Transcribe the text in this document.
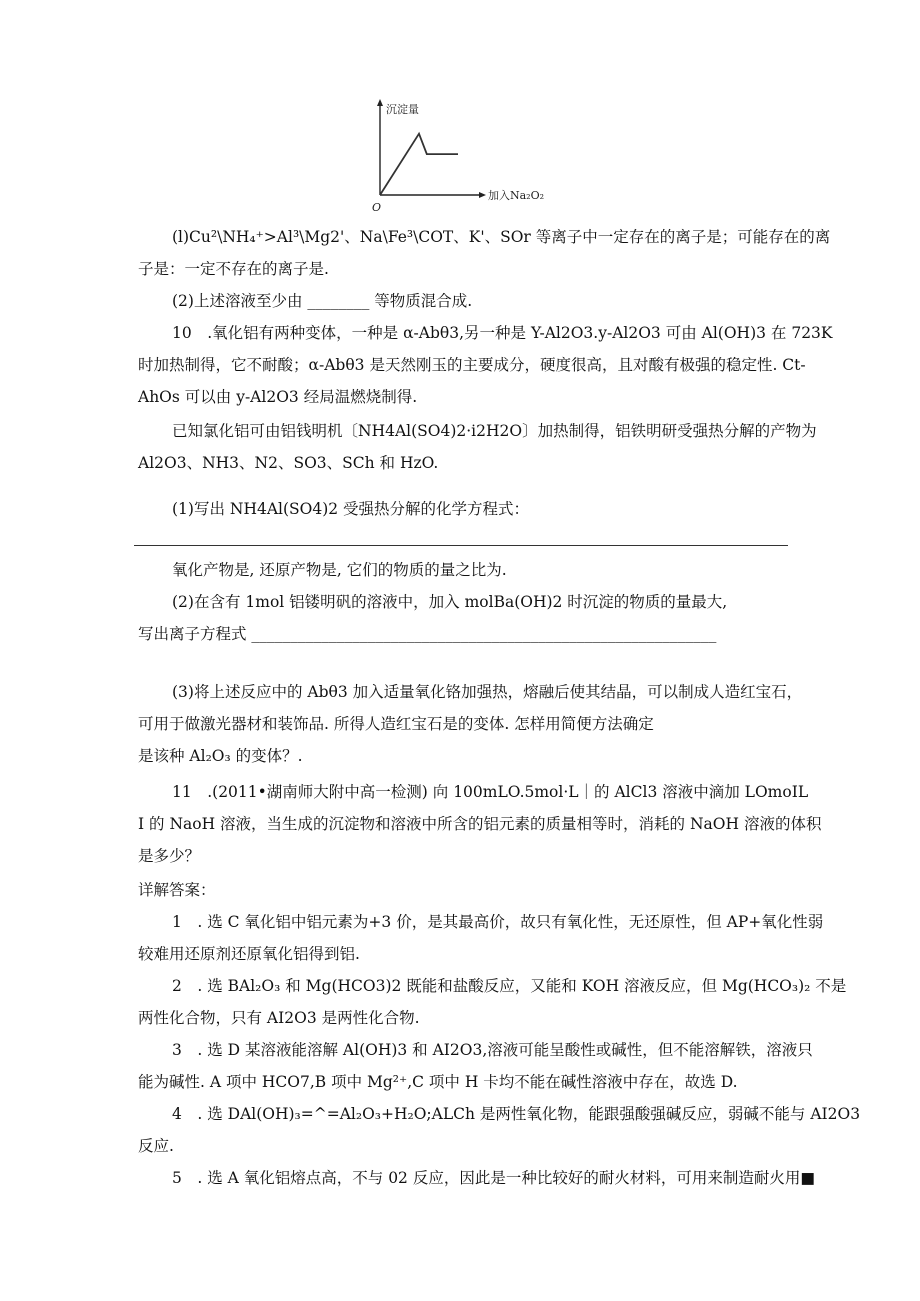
沉淀量
加入Na₂O₂
O
(l)Cu²\NH₄⁺>Al³\Mg2'、Na\Fe³\COT、K'、SOr 等离子中一定存在的离子是；可能存在的离
子是：一定不存在的离子是.
(2)上述溶液至少由 ________ 等物质混合成.
10　.氧化铝有两种变体，一种是 α-Abθ3,另一种是 Y-Al2O3.y-Al2O3 可由 Al(OH)3 在 723K
时加热制得，它不耐酸；α-Abθ3 是天然刚玉的主要成分，硬度很高，且对酸有极强的稳定性. Ct-
AhOs 可以由 y-Al2O3 经局温燃烧制得.
已知氯化铝可由铝钱明机〔NH4Al(SO4)2·i2H2O〕加热制得，铝铁明研受强热分解的产物为
Al2O3、NH3、N2、SO3、SCh 和 HzO.
(1)写出 NH4Al(SO4)2 受强热分解的化学方程式：
氧化产物是, 还原产物是, 它们的物质的量之比为.
(2)在含有 1mol 铝镂明矾的溶液中，加入 molBa(OH)2 时沉淀的物质的量最大,
写出离子方程式 ____________________________________________________________
(3)将上述反应中的 Abθ3 加入适量氧化铬加强热，熔融后使其结晶，可以制成人造红宝石，
可用于做激光器材和装饰品. 所得人造红宝石是的变体. 怎样用简便方法确定
是该种 Al₂O₃ 的变体？.
11　.(2011•湖南师大附中高一检测) 向 100mLO.5mol·L｜的 AlCl3 溶液中滴加 LOmoIL
I 的 NaoH 溶液，当生成的沉淀物和溶液中所含的铝元素的质量相等时，消耗的 NaOH 溶液的体积
是多少？
详解答案：
1　. 选 C 氧化铝中铝元素为+3 价，是其最高价，故只有氧化性，无还原性，但 AP+氧化性弱
较难用还原剂还原氧化铝得到铝.
2　. 选 BAl₂O₃ 和 Mg(HCO3)2 既能和盐酸反应，又能和 KOH 溶液反应，但 Mg(HCO₃)₂ 不是
两性化合物，只有 AI2O3 是两性化合物.
3　. 选 D 某溶液能溶解 Al(OH)3 和 AI2O3,溶液可能呈酸性或碱性，但不能溶解铁，溶液只
能为碱性. A 项中 HCO7,B 项中 Mg²⁺,C 项中 H 卡均不能在碱性溶液中存在，故选 D.
4　. 选 DAl(OH)₃=^=Al₂O₃+H₂O;ALCh 是两性氧化物，能跟强酸强碱反应，弱碱不能与 AI2O3
反应.
5　. 选 A 氧化铝熔点高，不与 02 反应，因此是一种比较好的耐火材料，可用来制造耐火用■
